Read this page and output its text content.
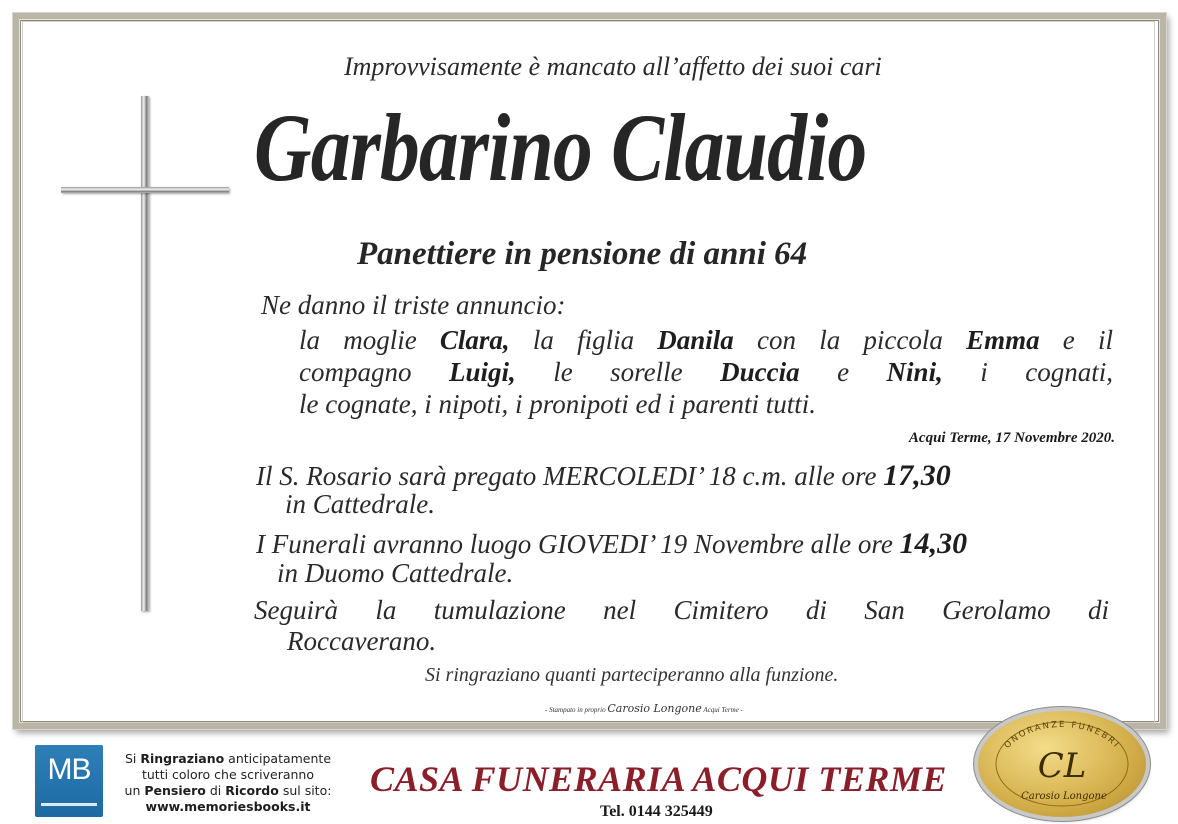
Improvvisamente è mancato all’affetto dei suoi cari
Garbarino Claudio
Panettiere in pensione di anni 64
Ne danno il triste annuncio:
la moglie Clara, la figlia Danila con la piccola Emma e il
compagno Luigi, le sorelle Duccia e Nini, i cognati,
le cognate, i nipoti, i pronipoti ed i parenti tutti.
Acqui Terme, 17 Novembre 2020.
Il S. Rosario sarà pregato MERCOLEDI’ 18 c.m. alle ore 17,30
in Cattedrale.
I Funerali avranno luogo GIOVEDI’ 19 Novembre alle ore 14,30
in Duomo Cattedrale.
Seguirà la tumulazione nel Cimitero di San Gerolamo di
Roccaverano.
Si ringraziano quanti parteciperanno alla funzione.
- Stampato in proprio Carosio Longone Acqui Terme -
MB	Si Ringraziano anticipatamente
tutti coloro che scriveranno
un Pensiero di Ricordo sul sito:
www.memoriesbooks.it
CASA FUNERARIA ACQUI TERME
Tel. 0144 325449
ONORANZE FUNEBRI
CL
Carosio Longone
